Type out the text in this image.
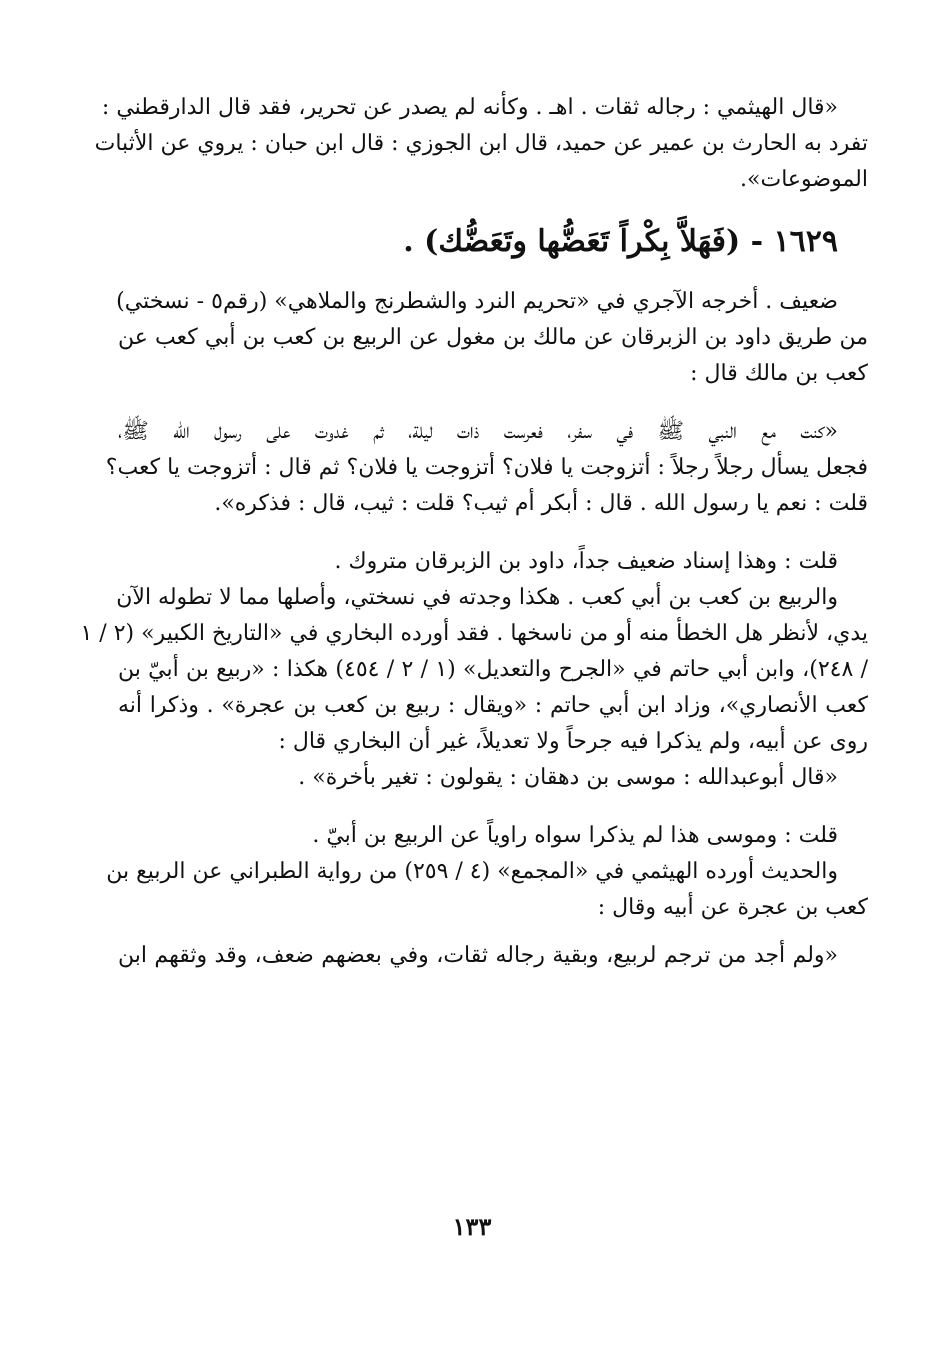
«قال الهيثمي : رجاله ثقات . اهـ . وكأنه لم يصدر عن تحرير، فقد قال الدارقطني :
تفرد به الحارث بن عمير عن حميد، قال ابن الجوزي : قال ابن حبان : يروي عن الأثبات
الموضوعات».
١٦٢٩ - (فَهَلاَّ بِكْراً تَعَضُّها وتَعَضُّك) .
ضعيف . أخرجه الآجري في «تحريم النرد والشطرنج والملاهي» (رقم٥ - نسختي)
من طريق داود بن الزبرقان عن مالك بن مغول عن الربيع بن كعب بن أبي كعب عن
كعب بن مالك قال :
«كنت مع النبي ﷺ في سفر، فعرست ذات ليلة، ثم غدوت على رسول الله ﷺ،
فجعل يسأل رجلاً رجلاً : أتزوجت يا فلان؟ أتزوجت يا فلان؟ ثم قال : أتزوجت يا كعب؟
قلت : نعم يا رسول الله . قال : أبكر أم ثيب؟ قلت : ثيب، قال : فذكره».
قلت : وهذا إسناد ضعيف جداً، داود بن الزبرقان متروك .
والربيع بن كعب بن أبي كعب . هكذا وجدته في نسختي، وأصلها مما لا تطوله الآن
يدي، لأنظر هل الخطأ منه أو من ناسخها . فقد أورده البخاري في «التاريخ الكبير» (٢ / ١
/ ٢٤٨)، وابن أبي حاتم في «الجرح والتعديل» (١ / ٢ / ٤٥٤) هكذا : «ربيع بن أبيّ بن
كعب الأنصاري»، وزاد ابن أبي حاتم : «ويقال : ربيع بن كعب بن عجرة» . وذكرا أنه
روى عن أبيه، ولم يذكرا فيه جرحاً ولا تعديلاً، غير أن البخاري قال :
«قال أبوعبدالله : موسى بن دهقان : يقولون : تغير بأخرة» .
قلت : وموسى هذا لم يذكرا سواه راوياً عن الربيع بن أبيّ .
والحديث أورده الهيثمي في «المجمع» (٤ / ٢٥٩) من رواية الطبراني عن الربيع بن
كعب بن عجرة عن أبيه وقال :
«ولم أجد من ترجم لربيع، وبقية رجاله ثقات، وفي بعضهم ضعف، وقد وثقهم ابن
١٣٣
